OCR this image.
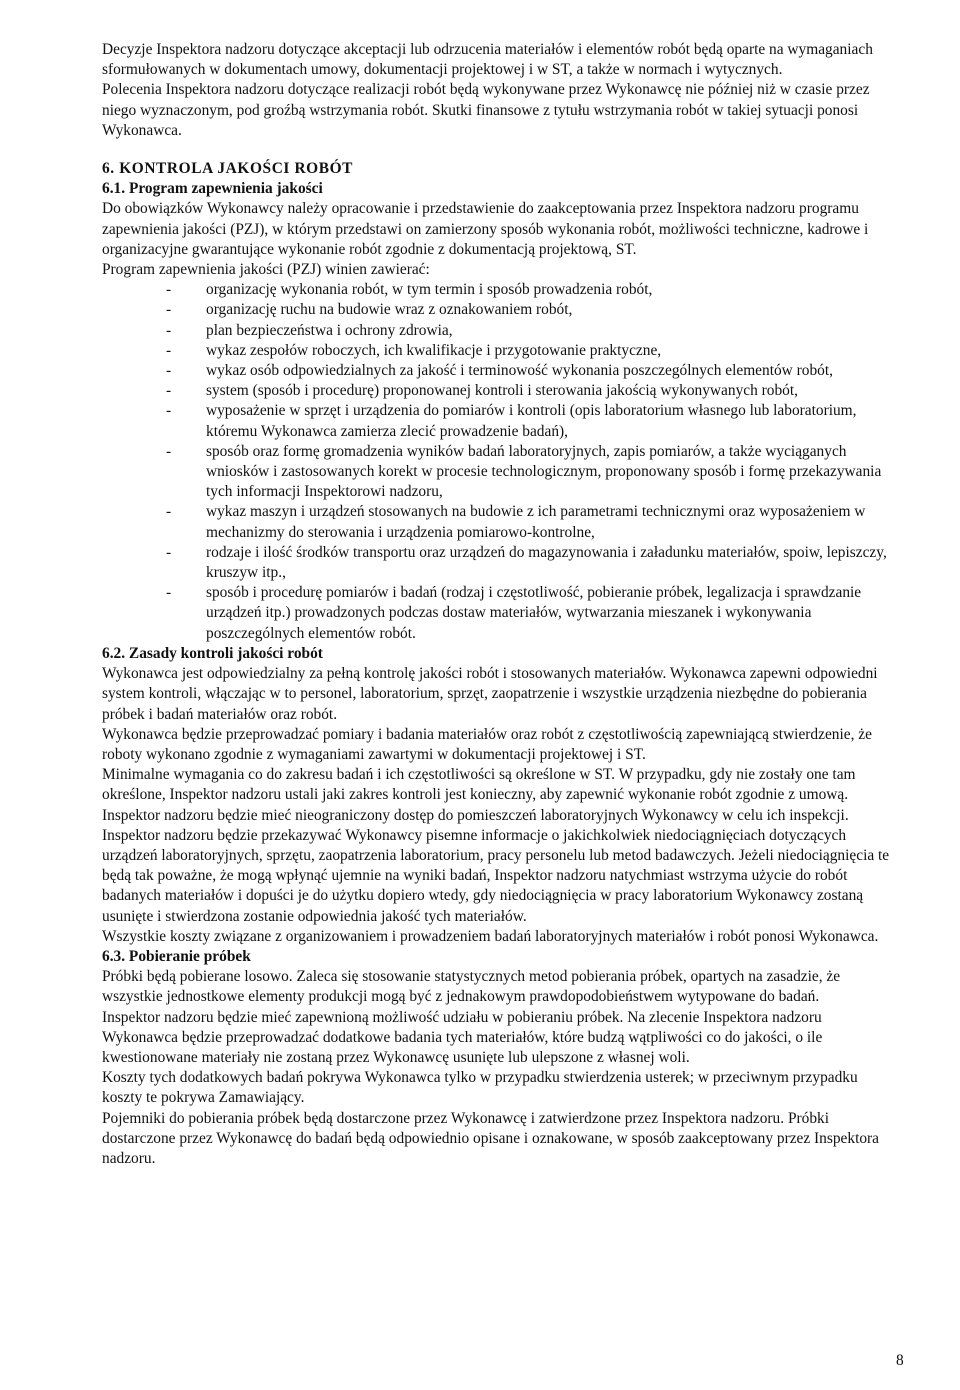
Decyzje Inspektora nadzoru dotyczące akceptacji lub odrzucenia materiałów i elementów robót będą oparte na wymaganiach sformułowanych w dokumentach umowy, dokumentacji projektowej i w ST, a także w normach i wytycznych.

Polecenia Inspektora nadzoru dotyczące realizacji robót będą wykonywane przez Wykonawcę nie później niż w czasie przez niego wyznaczonym, pod groźbą wstrzymania robót. Skutki finansowe z tytułu wstrzymania robót w takiej sytuacji ponosi Wykonawca.

6. KONTROLA JAKOŚCI ROBÓT
6.1. Program zapewnienia jakości

Do obowiązków Wykonawcy należy opracowanie i przedstawienie do zaakceptowania przez Inspektora nadzoru programu zapewnienia jakości (PZJ), w którym przedstawi on zamierzony sposób wykonania robót, możliwości techniczne, kadrowe i organizacyjne gwarantujące wykonanie robót zgodnie z dokumentacją projektową, ST.

Program zapewnienia jakości (PZJ) winien zawierać:

- organizację wykonania robót, w tym termin i sposób prowadzenia robót,
- organizację ruchu na budowie wraz z oznakowaniem robót,
- plan bezpieczeństwa i ochrony zdrowia,
- wykaz zespołów roboczych, ich kwalifikacje i przygotowanie praktyczne,
- wykaz osób odpowiedzialnych za jakość i terminowość wykonania poszczególnych elementów robót,
- system (sposób i procedurę) proponowanej kontroli i sterowania jakością wykonywanych robót,
- wyposażenie w sprzęt i urządzenia do pomiarów i kontroli (opis laboratorium własnego lub laboratorium, któremu Wykonawca zamierza zlecić prowadzenie badań),
- sposób oraz formę gromadzenia wyników badań laboratoryjnych, zapis pomiarów, a także wyciąganych wniosków i zastosowanych korekt w procesie technologicznym, proponowany sposób i formę przekazywania tych informacji Inspektorowi nadzoru,
- wykaz maszyn i urządzeń stosowanych na budowie z ich parametrami technicznymi oraz wyposażeniem w mechanizmy do sterowania i urządzenia pomiarowo-kontrolne,
- rodzaje i ilość środków transportu oraz urządzeń do magazynowania i załadunku materiałów, spoiw, lepiszczy, kruszyw itp.,
- sposób i procedurę pomiarów i badań (rodzaj i częstotliwość, pobieranie próbek, legalizacja i sprawdzanie urządzeń itp.) prowadzonych podczas dostaw materiałów, wytwarzania mieszanek i wykonywania poszczególnych elementów robót.
6.2. Zasady kontroli jakości robót

Wykonawca jest odpowiedzialny za pełną kontrolę jakości robót i stosowanych materiałów. Wykonawca zapewni odpowiedni system kontroli, włączając w to personel, laboratorium, sprzęt, zaopatrzenie i wszystkie urządzenia niezbędne do pobierania próbek i badań materiałów oraz robót.

Wykonawca będzie przeprowadzać pomiary i badania materiałów oraz robót z częstotliwością zapewniającą stwierdzenie, że roboty wykonano zgodnie z wymaganiami zawartymi w dokumentacji projektowej i ST.

Minimalne wymagania co do zakresu badań i ich częstotliwości są określone w ST. W przypadku, gdy nie zostały one tam określone, Inspektor nadzoru ustali jaki zakres kontroli jest konieczny, aby zapewnić wykonanie robót zgodnie z umową.

Inspektor nadzoru będzie mieć nieograniczony dostęp do pomieszczeń laboratoryjnych Wykonawcy w celu ich inspekcji.

Inspektor nadzoru będzie przekazywać Wykonawcy pisemne informacje o jakichkolwiek niedociągnięciach dotyczących urządzeń laboratoryjnych, sprzętu, zaopatrzenia laboratorium, pracy personelu lub metod badawczych. Jeżeli niedociągnięcia te będą tak poważne, że mogą wpłynąć ujemnie na wyniki badań, Inspektor nadzoru natychmiast wstrzyma użycie do robót badanych materiałów i dopuści je do użytku dopiero wtedy, gdy niedociągnięcia w pracy laboratorium Wykonawcy zostaną usunięte i stwierdzona zostanie odpowiednia jakość tych materiałów.

Wszystkie koszty związane z organizowaniem i prowadzeniem badań laboratoryjnych materiałów i robót ponosi Wykonawca.

6.3. Pobieranie próbek

Próbki będą pobierane losowo. Zaleca się stosowanie statystycznych metod pobierania próbek, opartych na zasadzie, że wszystkie jednostkowe elementy produkcji mogą być z jednakowym prawdopodobieństwem wytypowane do badań.

Inspektor nadzoru będzie mieć zapewnioną możliwość udziału w pobieraniu próbek. Na zlecenie Inspektora nadzoru Wykonawca będzie przeprowadzać dodatkowe badania tych materiałów, które budzą wątpliwości co do jakości, o ile kwestionowane materiały nie zostaną przez Wykonawcę usunięte lub ulepszone z własnej woli.

Koszty tych dodatkowych badań pokrywa Wykonawca tylko w przypadku stwierdzenia usterek; w przeciwnym przypadku koszty te pokrywa Zamawiający.

Pojemniki do pobierania próbek będą dostarczone przez Wykonawcę i zatwierdzone przez Inspektora nadzoru. Próbki dostarczone przez Wykonawcę do badań będą odpowiednio opisane i oznakowane, w sposób zaakceptowany przez Inspektora nadzoru.

8
